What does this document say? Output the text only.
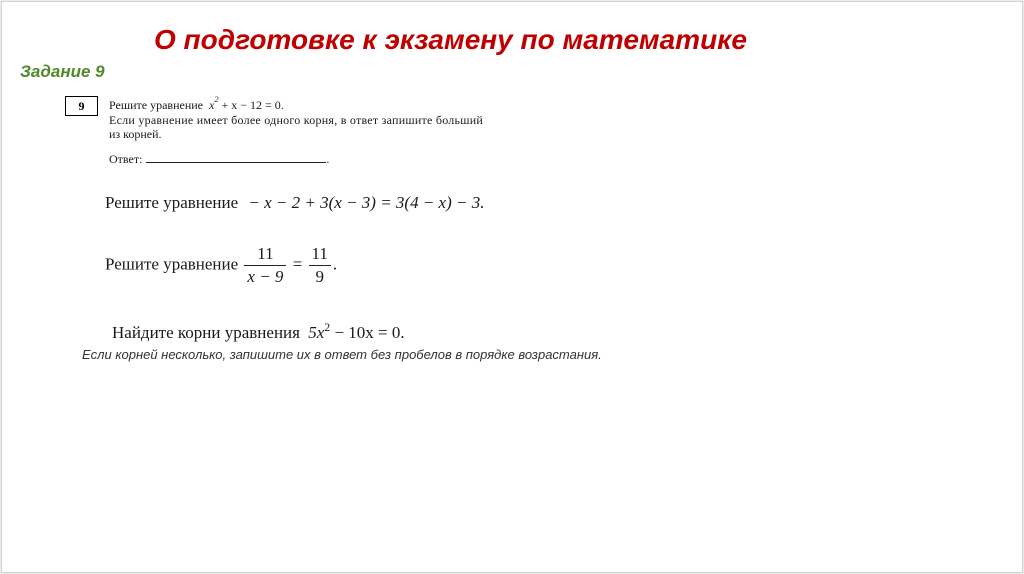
О подготовке к экзамену по математике
Задание 9
9	Решите уравнение $x^2 + x - 12 = 0$.
Если уравнение имеет более одного корня, в ответ запишите больший
из корней.
Ответ:	.
Решите уравнение − x − 2 + 3(x − 3) = 3(4 − x) − 3.
Решите уравнение $\frac{11}{x - 9} = \frac{11}{9}$ .
Найдите корни уравнения $5x^2 - 10x = 0$.
Если корней несколько, запишите их в ответ без пробелов в порядке возрастания.
